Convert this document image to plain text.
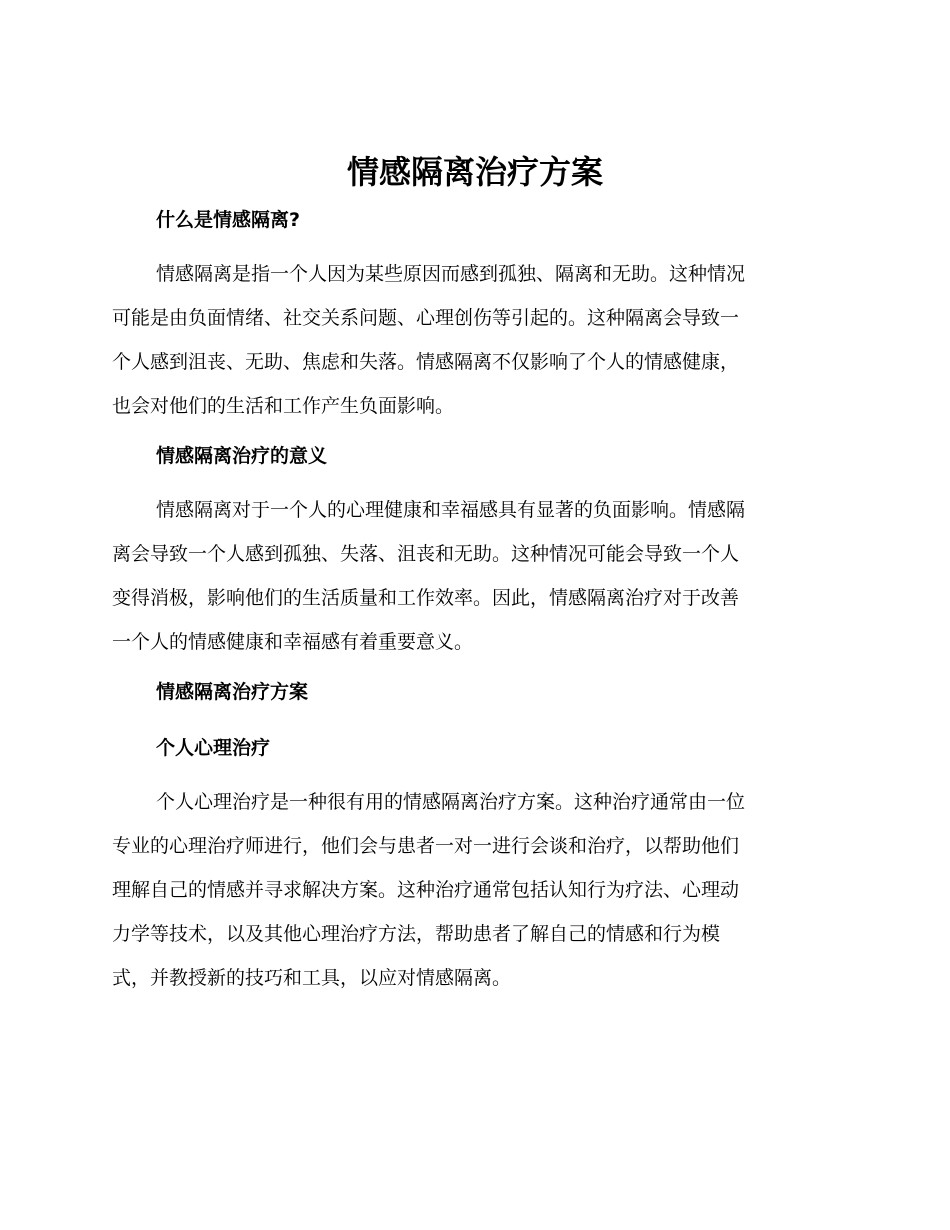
情感隔离治疗方案
什么是情感隔离?
情感隔离是指一个人因为某些原因而感到孤独、隔离和无助。这种情况
可能是由负面情绪、社交关系问题、心理创伤等引起的。这种隔离会导致一
个人感到沮丧、无助、焦虑和失落。情感隔离不仅影响了个人的情感健康，
也会对他们的生活和工作产生负面影响。
情感隔离治疗的意义
情感隔离对于一个人的心理健康和幸福感具有显著的负面影响。情感隔
离会导致一个人感到孤独、失落、沮丧和无助。这种情况可能会导致一个人
变得消极，影响他们的生活质量和工作效率。因此，情感隔离治疗对于改善
一个人的情感健康和幸福感有着重要意义。
情感隔离治疗方案
个人心理治疗
个人心理治疗是一种很有用的情感隔离治疗方案。这种治疗通常由一位
专业的心理治疗师进行，他们会与患者一对一进行会谈和治疗，以帮助他们
理解自己的情感并寻求解决方案。这种治疗通常包括认知行为疗法、心理动
力学等技术，以及其他心理治疗方法，帮助患者了解自己的情感和行为模
式，并教授新的技巧和工具，以应对情感隔离。
